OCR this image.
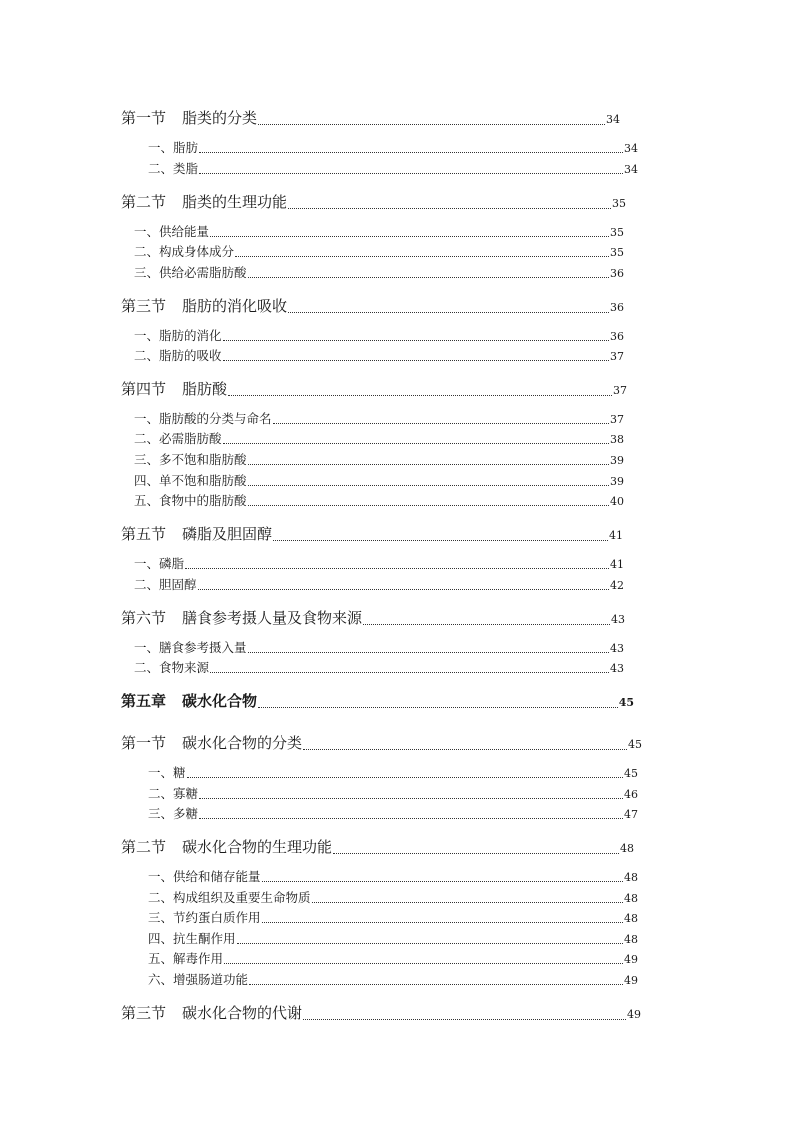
第一节 脂类的分类	34
一、脂肪	34
二、类脂	34
第二节 脂类的生理功能	35
一、供给能量	35
二、构成身体成分	35
三、供给必需脂肪酸	36
第三节 脂肪的消化吸收	36
一、脂肪的消化	36
二、脂肪的吸收	37
第四节 脂肪酸	37
一、脂肪酸的分类与命名	37
二、必需脂肪酸	38
三、多不饱和脂肪酸	39
四、单不饱和脂肪酸	39
五、食物中的脂肪酸	40
第五节 磷脂及胆固醇	41
一、磷脂	41
二、胆固醇	42
第六节 膳食参考摄人量及食物来源	43
一、膳食参考摄入量	43
二、食物来源	43
第五章 碳水化合物	45
第一节 碳水化合物的分类	45
一、糖	45
二、寡糖	46
三、多糖	47
第二节 碳水化合物的生理功能	48
一、供给和储存能量	48
二、构成组织及重要生命物质	48
三、节约蛋白质作用	48
四、抗生酮作用	48
五、解毒作用	49
六、增强肠道功能	49
第三节 碳水化合物的代谢	49
